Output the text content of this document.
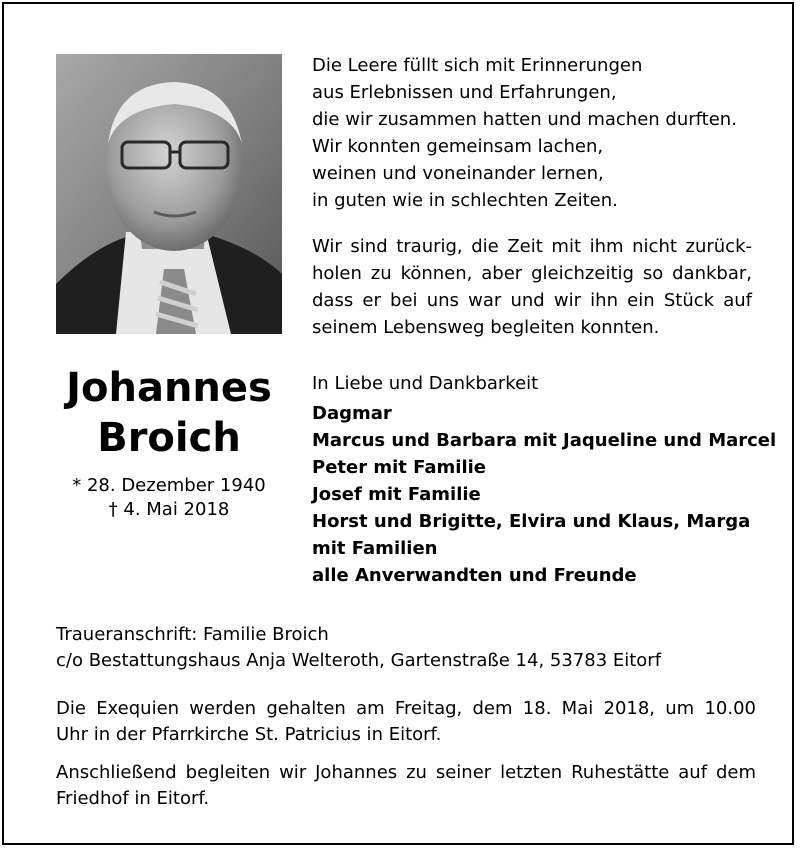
Johannes
Broich
* 28. Dezember 1940
† 4. Mai 2018
Die Leere füllt sich mit Erinnerungen
aus Erlebnissen und Erfahrungen,
die wir zusammen hatten und machen durften.
Wir konnten gemeinsam lachen,
weinen und voneinander lernen,
in guten wie in schlechten Zeiten.
Wir sind traurig, die Zeit mit ihm nicht zurück-
holen zu können, aber gleichzeitig so dankbar,
dass er bei uns war und wir ihn ein Stück auf
seinem Lebensweg begleiten konnten.
In Liebe und Dankbarkeit
Dagmar
Marcus und Barbara mit Jaqueline und Marcel
Peter mit Familie
Josef mit Familie
Horst und Brigitte, Elvira und Klaus, Marga
mit Familien
alle Anverwandten und Freunde
Traueranschrift: Familie Broich
c/o Bestattungshaus Anja Welteroth, Gartenstraße 14, 53783 Eitorf
Die Exequien werden gehalten am Freitag, dem 18. Mai 2018, um 10.00
Uhr in der Pfarrkirche St. Patricius in Eitorf.
Anschließend begleiten wir Johannes zu seiner letzten Ruhestätte auf dem
Friedhof in Eitorf.
